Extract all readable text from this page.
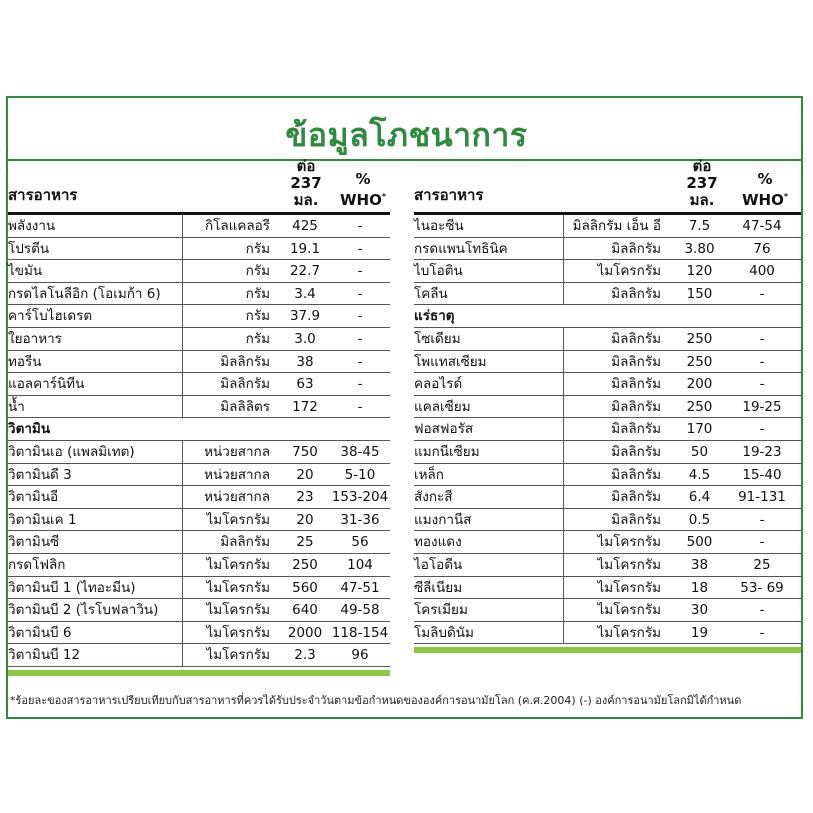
ข้อมูลโภชนาการ
สารอาหาร
ต่อ
237 มล.
%
WHO*
พลังงาน	กิโลแคลอรี	425	-
โปรตีน	กรัม	19.1	-
ไขมัน	กรัม	22.7	-
กรดไลโนลีอิก (โอเมก้า 6)	กรัม	3.4	-
คาร์โบไฮเดรต	กรัม	37.9	-
ใยอาหาร	กรัม	3.0	-
ทอรีน	มิลลิกรัม	38	-
แอลคาร์นิทีน	มิลลิกรัม	63	-
น้ำ	มิลลิลิตร	172	-
วิตามิน
วิตามินเอ (แพลมิเทต)	หน่วยสากล	750	38-45
วิตามินดี 3	หน่วยสากล	20	5-10
วิตามินอี	หน่วยสากล	23	153-204
วิตามินเค 1	ไมโครกรัม	20	31-36
วิตามินซี	มิลลิกรัม	25	56
กรดโฟลิก	ไมโครกรัม	250	104
วิตามินบี 1 (ไทอะมีน)	ไมโครกรัม	560	47-51
วิตามินบี 2 (ไรโบฟลาวิน)	ไมโครกรัม	640	49-58
วิตามินบี 6	ไมโครกรัม	2000 118-154
วิตามินบี 12	ไมโครกรัม	2.3	96
สารอาหาร
ต่อ
237 มล.
%
WHO*
ไนอะซีน	มิลลิกรัม เอ็น อี	7.5	47-54
กรดแพนโทธินิค	มิลลิกรัม	3.80	76
ไบโอติน	ไมโครกรัม	120	400
โคลีน	มิลลิกรัม	150	-
แร่ธาตุ
โซเดียม	มิลลิกรัม	250	-
โพแทสเซียม	มิลลิกรัม	250	-
คลอไรด์	มิลลิกรัม	200	-
แคลเซียม	มิลลิกรัม	250	19-25
ฟอสฟอรัส	มิลลิกรัม	170	-
แมกนีเซียม	มิลลิกรัม	50	19-23
เหล็ก	มิลลิกรัม	4.5	15-40
สังกะสี	มิลลิกรัม	6.4	91-131
แมงกานีส	มิลลิกรัม	0.5	-
ทองแดง	ไมโครกรัม	500	-
ไอโอดีน	ไมโครกรัม	38	25
ซีลีเนียม	ไมโครกรัม	18	53- 69
โครเมียม	ไมโครกรัม	30	-
โมลิบดินัม	ไมโครกรัม	19	-
*ร้อยละของสารอาหารเปรียบเทียบกับสารอาหารที่ควรได้รับประจำวันตามข้อกำหนดขององค์การอนามัยโลก (ค.ศ.2004) (-) องค์การอนามัยโลกมิได้กำหนด
